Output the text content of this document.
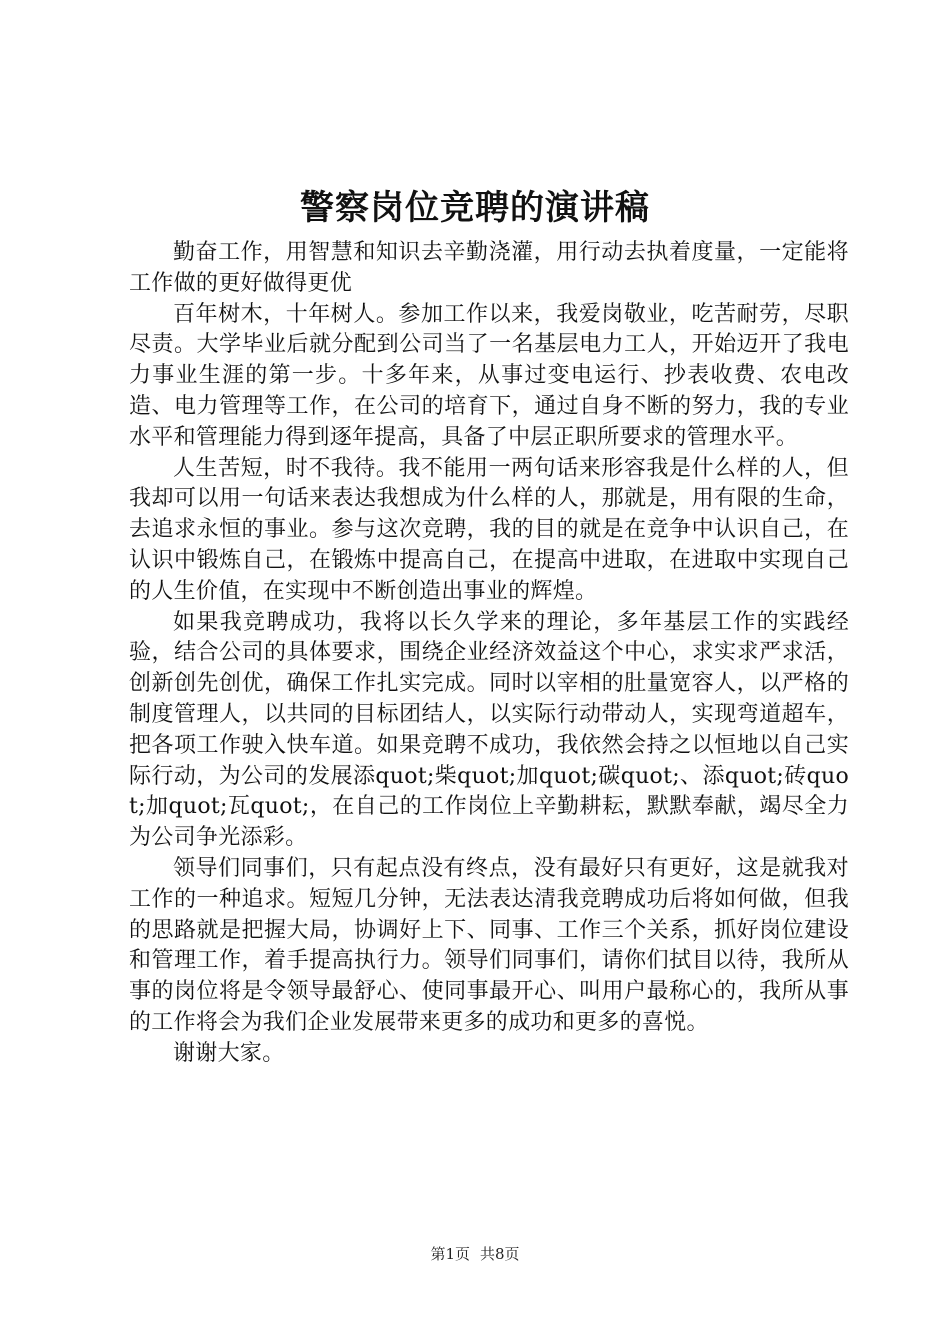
警察岗位竞聘的演讲稿

勤奋工作，用智慧和知识去辛勤浇灌，用行动去执着度量，一定能将工作做的更好做得更优

百年树木，十年树人。参加工作以来，我爱岗敬业，吃苦耐劳，尽职尽责。大学毕业后就分配到公司当了一名基层电力工人，开始迈开了我电力事业生涯的第一步。十多年来，从事过变电运行、抄表收费、农电改造、电力管理等工作，在公司的培育下，通过自身不断的努力，我的专业水平和管理能力得到逐年提高，具备了中层正职所要求的管理水平。

人生苦短，时不我待。我不能用一两句话来形容我是什么样的人，但我却可以用一句话来表达我想成为什么样的人，那就是，用有限的生命，去追求永恒的事业。参与这次竞聘，我的目的就是在竞争中认识自己，在认识中锻炼自己，在锻炼中提高自己，在提高中进取，在进取中实现自己的人生价值，在实现中不断创造出事业的辉煌。

如果我竞聘成功，我将以长久学来的理论，多年基层工作的实践经验，结合公司的具体要求，围绕企业经济效益这个中心，求实求严求活，创新创先创优，确保工作扎实完成。同时以宰相的肚量宽容人，以严格的制度管理人，以共同的目标团结人，以实际行动带动人，实现弯道超车，把各项工作驶入快车道。如果竞聘不成功，我依然会持之以恒地以自己实际行动，为公司的发展添quot;柴quot;加quot;碳quot;、添quot;砖quot;加quot;瓦quot;，在自己的工作岗位上辛勤耕耘，默默奉献，竭尽全力为公司争光添彩。

领导们同事们，只有起点没有终点，没有最好只有更好，这是就我对工作的一种追求。短短几分钟，无法表达清我竞聘成功后将如何做，但我的思路就是把握大局，协调好上下、同事、工作三个关系，抓好岗位建设和管理工作，着手提高执行力。领导们同事们，请你们拭目以待，我所从事的岗位将是令领导最舒心、使同事最开心、叫用户最称心的，我所从事的工作将会为我们企业发展带来更多的成功和更多的喜悦。

谢谢大家。

第1页 共8页
